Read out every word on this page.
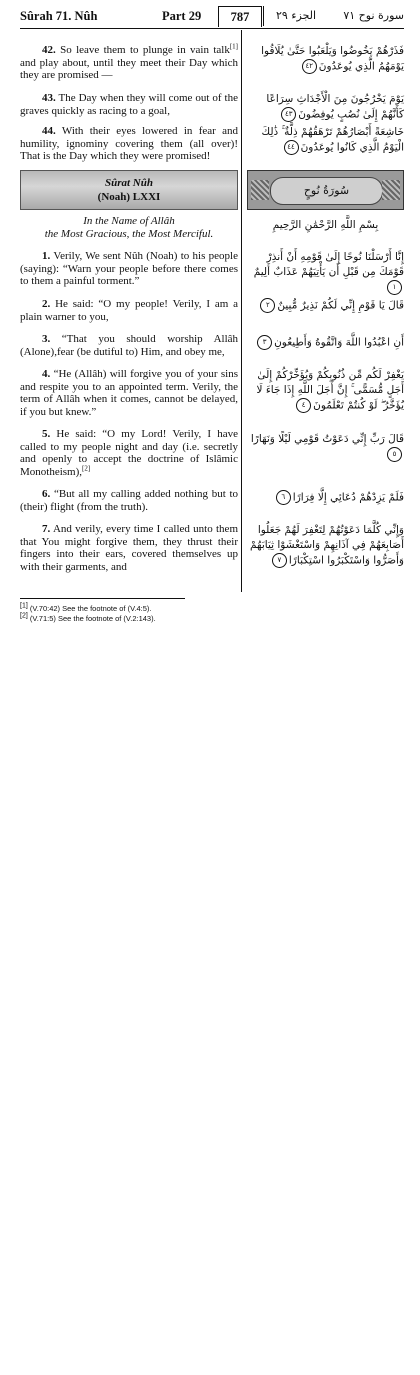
Sûrah 71. Nûh	Part 29	787	الجزء ٢٩ سورة نوح ٧١

42. So leave them to plunge in vain talk[1] and play about, until they meet their Day which they are promised —

43. The Day when they will come out of the graves quickly as racing to a goal,

44. With their eyes lowered in fear and humility, ignominy covering them (all over)! That is the Day which they were promised!

فَذَرْهُمْ يَخُوضُوا وَيَلْعَبُوا حَتَّىٰ يُلَاقُوا يَوْمَهُمُ الَّذِي يُوعَدُونَ٤٢
يَوْمَ يَخْرُجُونَ مِنَ الْأَجْدَاثِ سِرَاعًا كَأَنَّهُمْ إِلَىٰ نُصُبٍ يُوفِضُونَ٤٣
خَاشِعَةً أَبْصَارُهُمْ تَرْهَقُهُمْ ذِلَّةٌ ۚ ذَٰلِكَ الْيَوْمُ الَّذِي كَانُوا يُوعَدُونَ٤٤
Sûrat Nûh
(Noah) LXXI	سُورَةُ نُوحٍ
In the Name of Allâh
the Most Gracious, the Most Merciful.
بِسْمِ اللَّهِ الرَّحْمَٰنِ الرَّحِيمِ

1. Verily, We sent Nûh (Noah) to his people (saying): “Warn your people before there comes to them a painful torment.”

2. He said: “O my people! Verily, I am a plain warner to you,

3. “That you should worship Allâh (Alone),fear (be dutiful to) Him, and obey me,

4. “He (Allâh) will forgive you of your sins and respite you to an appointed term. Verily, the term of Allâh when it comes, cannot be delayed, if you but knew.”

5. He said: “O my Lord! Verily, I have called to my people night and day (i.e. secretly and openly to accept the doctrine of Islâmic Monotheism),[2]

6. “But all my calling added nothing but to (their) flight (from the truth).

7. And verily, every time I called unto them that You might forgive them, they thrust their fingers into their ears, covered themselves up with their garments, and

إِنَّا أَرْسَلْنَا نُوحًا إِلَىٰ قَوْمِهِ أَنْ أَنذِرْ قَوْمَكَ مِن قَبْلِ أَن يَأْتِيَهُمْ عَذَابٌ أَلِيمٌ١
قَالَ يَا قَوْمِ إِنِّي لَكُمْ نَذِيرٌ مُّبِينٌ٢
أَنِ اعْبُدُوا اللَّهَ وَاتَّقُوهُ وَأَطِيعُونِ٣
يَغْفِرْ لَكُم مِّن ذُنُوبِكُمْ وَيُؤَخِّرْكُمْ إِلَىٰ أَجَلٍ مُّسَمًّى ۚ إِنَّ أَجَلَ اللَّهِ إِذَا جَاءَ لَا يُؤَخَّرُ ۖ لَوْ كُنتُمْ تَعْلَمُونَ٤
قَالَ رَبِّ إِنِّي دَعَوْتُ قَوْمِي لَيْلًا وَنَهَارًا٥
فَلَمْ يَزِدْهُمْ دُعَائِي إِلَّا فِرَارًا٦
وَإِنِّي كُلَّمَا دَعَوْتُهُمْ لِتَغْفِرَ لَهُمْ جَعَلُوا أَصَابِعَهُمْ فِي آذَانِهِمْ وَاسْتَغْشَوْا ثِيَابَهُمْ وَأَصَرُّوا وَاسْتَكْبَرُوا اسْتِكْبَارًا٧
[1] (V.70:42) See the footnote of (V.4:5).
[2] (V.71:5) See the footnote of (V.2:143).
